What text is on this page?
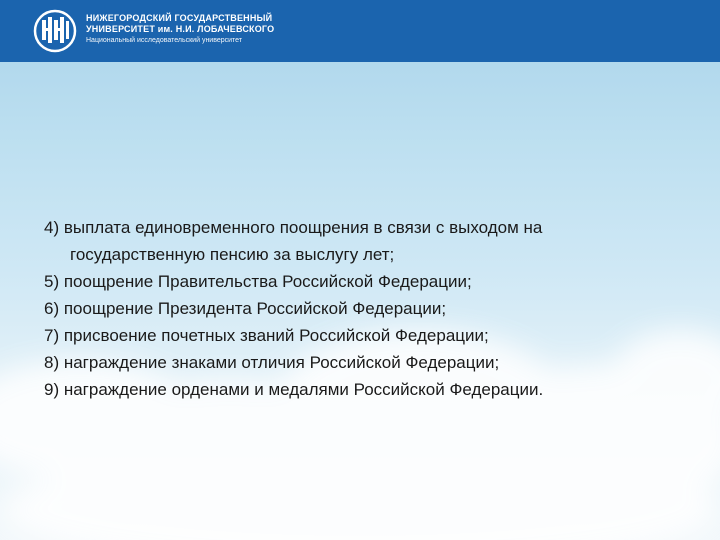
НИЖЕГОРОДСКИЙ ГОСУДАРСТВЕННЫЙ
УНИВЕРСИТЕТ им. Н.И. ЛОБАЧЕВСКОГО
Национальный исследовательский университет
4) выплата единовременного поощрения в связи с выходом на
государственную пенсию за выслугу лет;
5) поощрение Правительства Российской Федерации;
6) поощрение Президента Российской Федерации;
7) присвоение почетных званий Российской Федерации;
8) награждение знаками отличия Российской Федерации;
9) награждение орденами и медалями Российской Федерации.
